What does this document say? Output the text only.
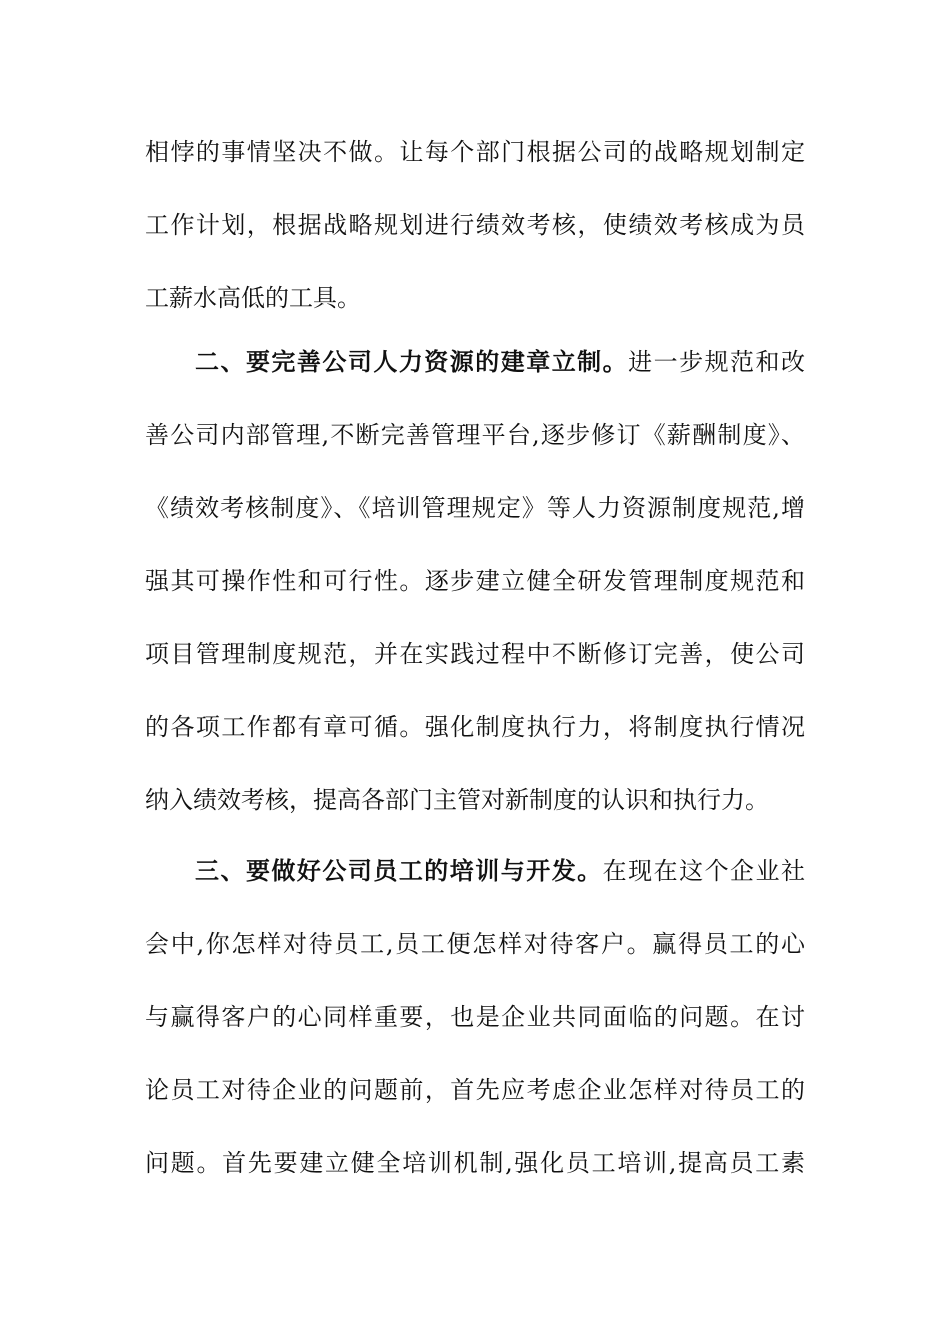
相悖的事情坚决不做。让每个部门根据公司的战略规划制定
工作计划，根据战略规划进行绩效考核，使绩效考核成为员
工薪水高低的工具。
二、要完善公司人力资源的建章立制。进一步规范和改
善公司内部管理,不断完善管理平台,逐步修订《薪酬制度》、
《绩效考核制度》、《培训管理规定》等人力资源制度规范,增
强其可操作性和可行性。逐步建立健全研发管理制度规范和
项目管理制度规范，并在实践过程中不断修订完善，使公司
的各项工作都有章可循。强化制度执行力，将制度执行情况
纳入绩效考核，提高各部门主管对新制度的认识和执行力。
三、要做好公司员工的培训与开发。在现在这个企业社
会中,你怎样对待员工,员工便怎样对待客户。赢得员工的心
与赢得客户的心同样重要，也是企业共同面临的问题。在讨
论员工对待企业的问题前，首先应考虑企业怎样对待员工的
问题。首先要建立健全培训机制,强化员工培训,提高员工素
